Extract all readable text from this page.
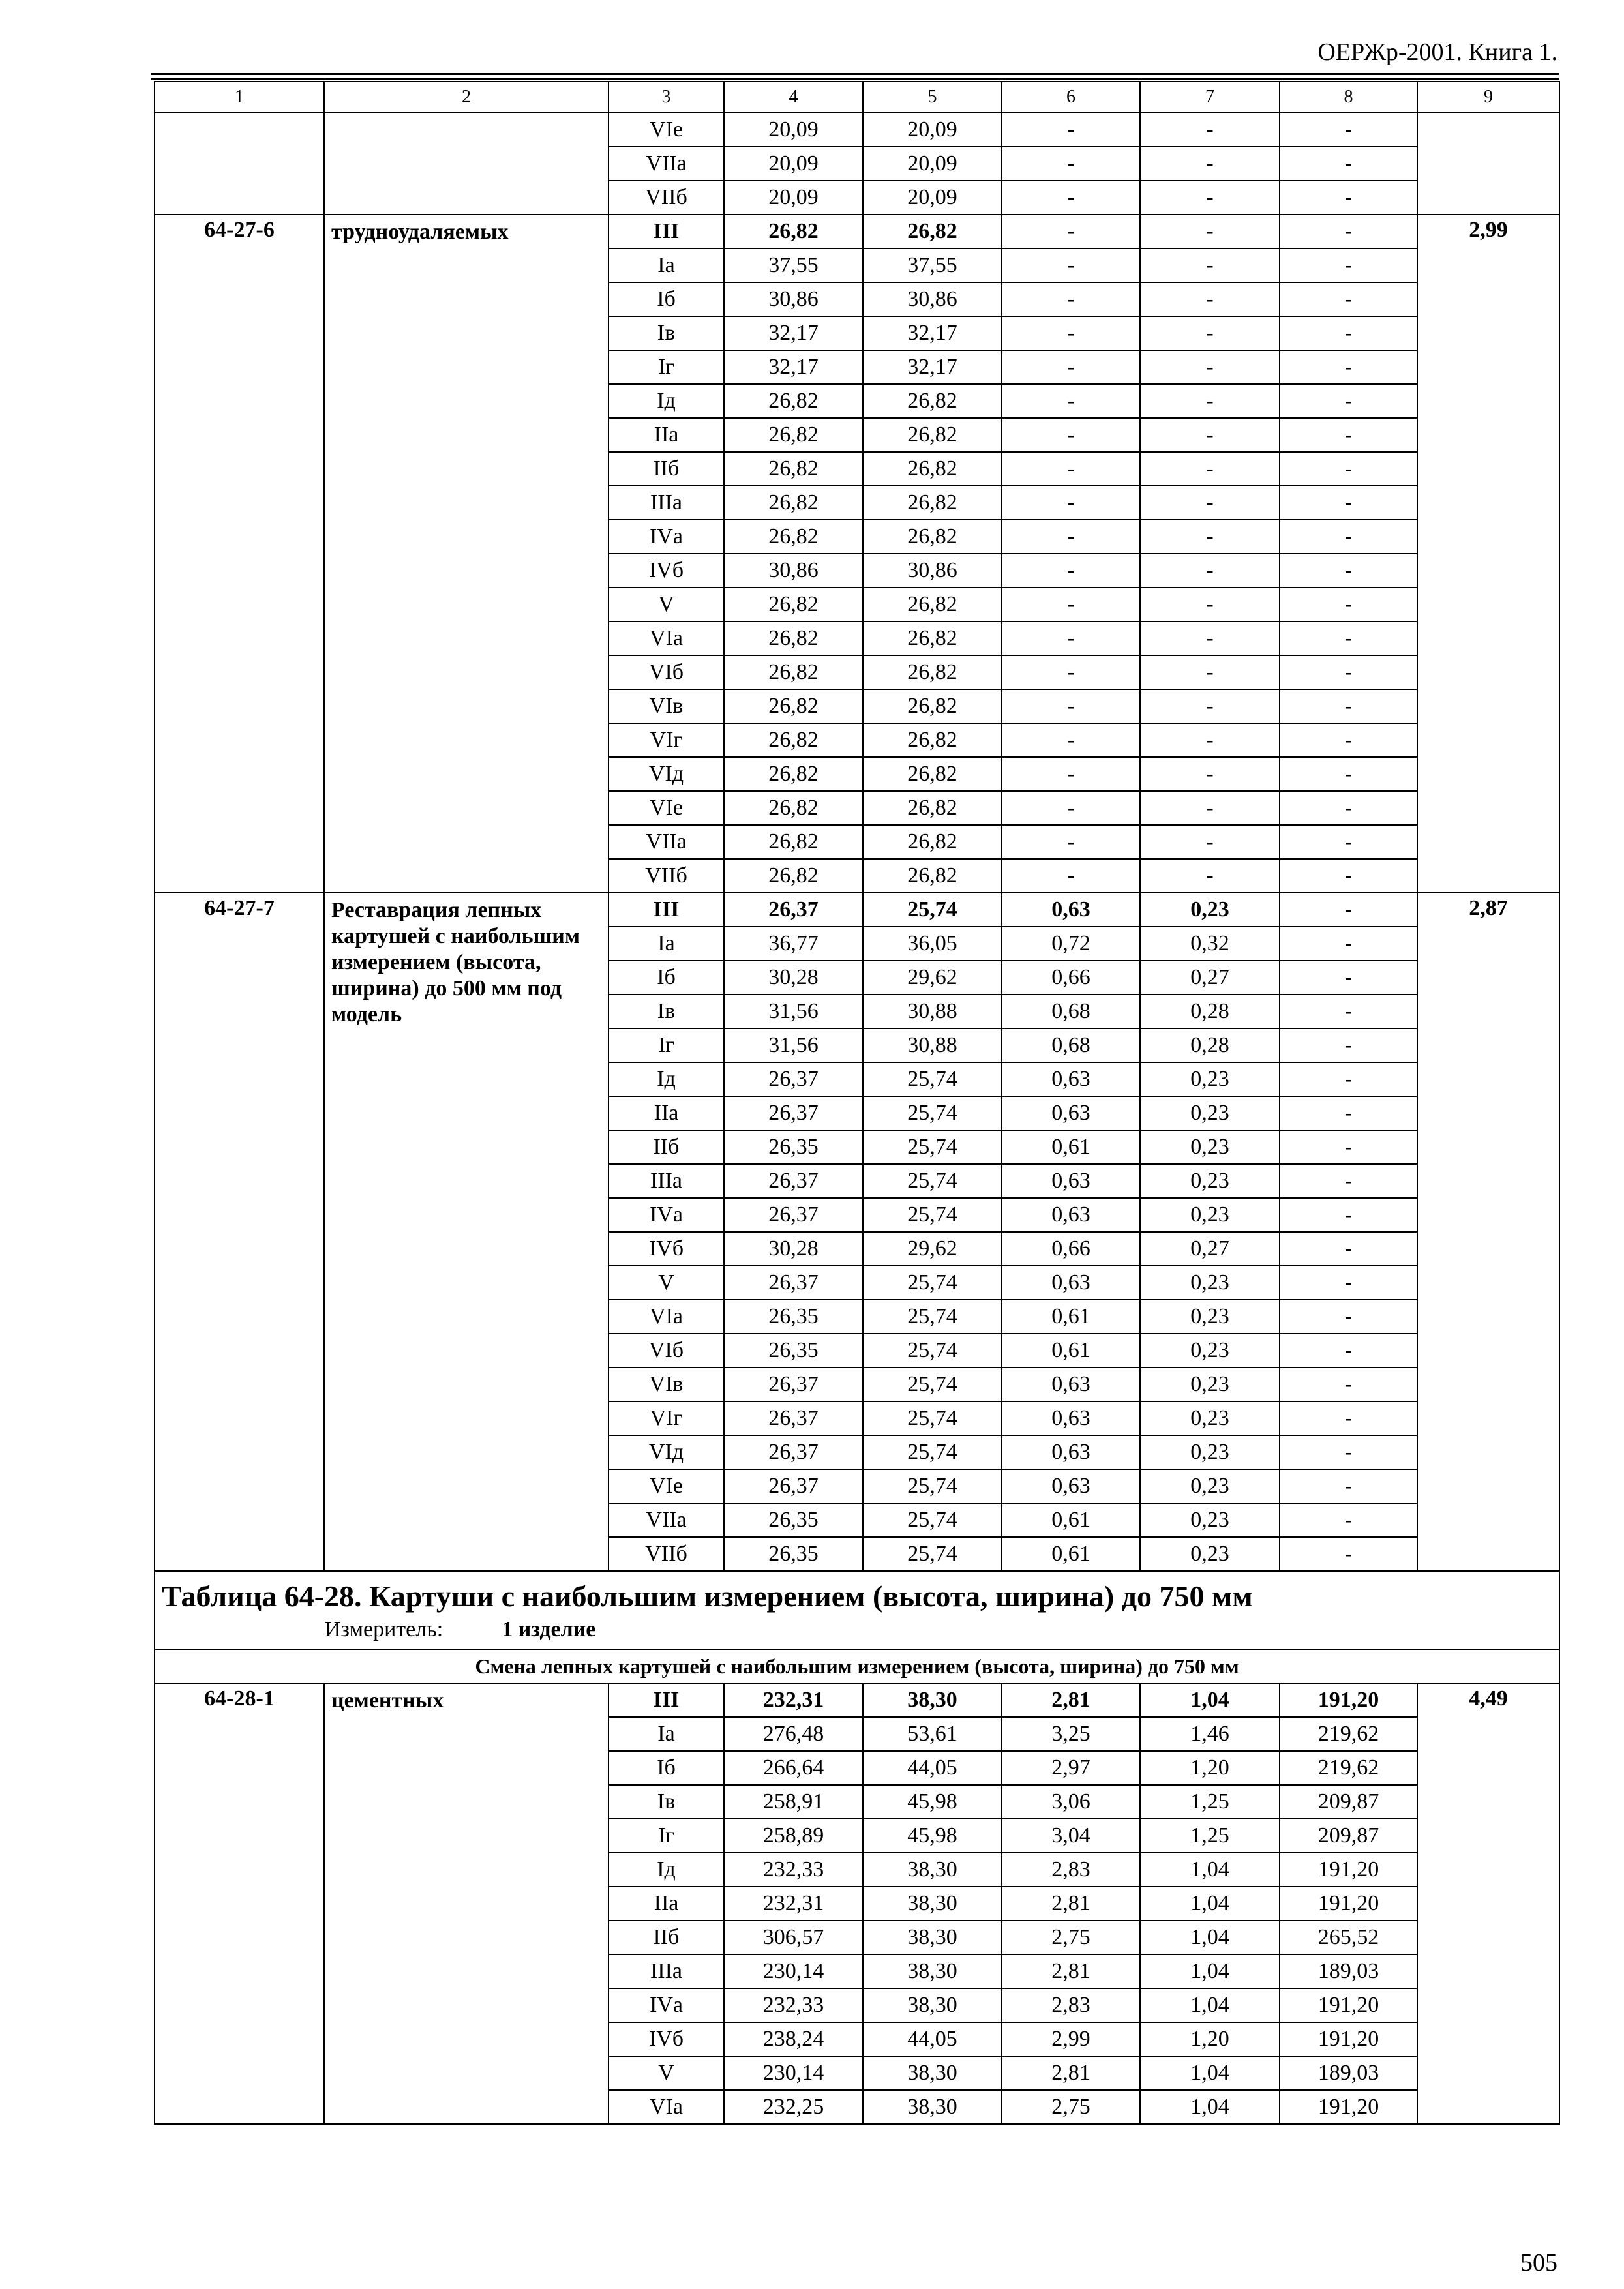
ОЕРЖр-2001. Книга 1.
1	2	3	4	5	6	7	8	9
		VIе	20,09	20,09	-	-	-	
		VIIа	20,09	20,09	-	-	-	
		VIIб	20,09	20,09	-	-	-	
64-27-6	трудноудаляемых	III	26,82	26,82	-	-	-	2,99
		Iа	37,55	37,55	-	-	-	
		Iб	30,86	30,86	-	-	-	
		Iв	32,17	32,17	-	-	-	
		Iг	32,17	32,17	-	-	-	
		Iд	26,82	26,82	-	-	-	
		IIа	26,82	26,82	-	-	-	
		IIб	26,82	26,82	-	-	-	
		IIIа	26,82	26,82	-	-	-	
		IVа	26,82	26,82	-	-	-	
		IVб	30,86	30,86	-	-	-	
		V	26,82	26,82	-	-	-	
		VIа	26,82	26,82	-	-	-	
		VIб	26,82	26,82	-	-	-	
		VIв	26,82	26,82	-	-	-	
		VIг	26,82	26,82	-	-	-	
		VIд	26,82	26,82	-	-	-	
		VIе	26,82	26,82	-	-	-	
		VIIа	26,82	26,82	-	-	-	
		VIIб	26,82	26,82	-	-	-	
64-27-7	Реставрация лепных картушей с наибольшим измерением (высота, ширина) до 500 мм под модель	III	26,37	25,74	0,63	0,23	-	2,87
		Iа	36,77	36,05	0,72	0,32	-	
		Iб	30,28	29,62	0,66	0,27	-	
		Iв	31,56	30,88	0,68	0,28	-	
		Iг	31,56	30,88	0,68	0,28	-	
		Iд	26,37	25,74	0,63	0,23	-	
		IIа	26,37	25,74	0,63	0,23	-	
		IIб	26,35	25,74	0,61	0,23	-	
		IIIа	26,37	25,74	0,63	0,23	-	
		IVа	26,37	25,74	0,63	0,23	-	
		IVб	30,28	29,62	0,66	0,27	-	
		V	26,37	25,74	0,63	0,23	-	
		VIа	26,35	25,74	0,61	0,23	-	
		VIб	26,35	25,74	0,61	0,23	-	
		VIв	26,37	25,74	0,63	0,23	-	
		VIг	26,37	25,74	0,63	0,23	-	
		VIд	26,37	25,74	0,63	0,23	-	
		VIе	26,37	25,74	0,63	0,23	-	
		VIIа	26,35	25,74	0,61	0,23	-	
		VIIб	26,35	25,74	0,61	0,23	-	

Таблица 64-28. Картуши с наибольшим измерением (высота, ширина) до 750 мм
Измеритель: 1 изделие								

Смена лепных картушей с наибольшим измерением (высота, ширина) до 750 мм								
64-28-1	цементных	III	232,31	38,30	2,81	1,04	191,20	4,49
		Iа	276,48	53,61	3,25	1,46	219,62	
		Iб	266,64	44,05	2,97	1,20	219,62	
		Iв	258,91	45,98	3,06	1,25	209,87	
		Iг	258,89	45,98	3,04	1,25	209,87	
		Iд	232,33	38,30	2,83	1,04	191,20	
		IIа	232,31	38,30	2,81	1,04	191,20	
		IIб	306,57	38,30	2,75	1,04	265,52	
		IIIа	230,14	38,30	2,81	1,04	189,03	
		IVа	232,33	38,30	2,83	1,04	191,20	
		IVб	238,24	44,05	2,99	1,20	191,20	
		V	230,14	38,30	2,81	1,04	189,03	
		VIа	232,25	38,30	2,75	1,04	191,20	
505
